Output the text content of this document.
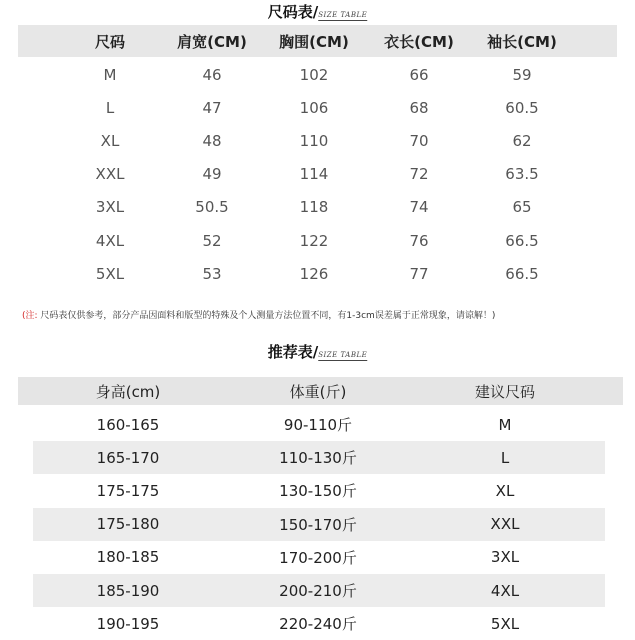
尺码表/SIZE TABLE
尺码	肩宽(CM) 胸围(CM) 衣长(CM) 袖长(CM)
M	46	102	66	59
L	47	106	68	60.5
XL	48	110	70	62
XXL	49	114	72	63.5
3XL	50.5	118	74	65
4XL	52	122	76	66.5
5XL	53	126	77	66.5
(注: 尺码表仅供参考，部分产品因面料和版型的特殊及个人测量方法位置不同，有1-3cm误差属于正常现象，请谅解！)
推荐表/SIZE TABLE
身高(cm)	体重(斤)	建议尺码
160-165	90-110斤	M
165-170	110-130斤	L
175-175	130-150斤	XL
175-180	150-170斤	XXL
180-185	170-200斤	3XL
185-190	200-210斤	4XL
190-195	220-240斤	5XL
